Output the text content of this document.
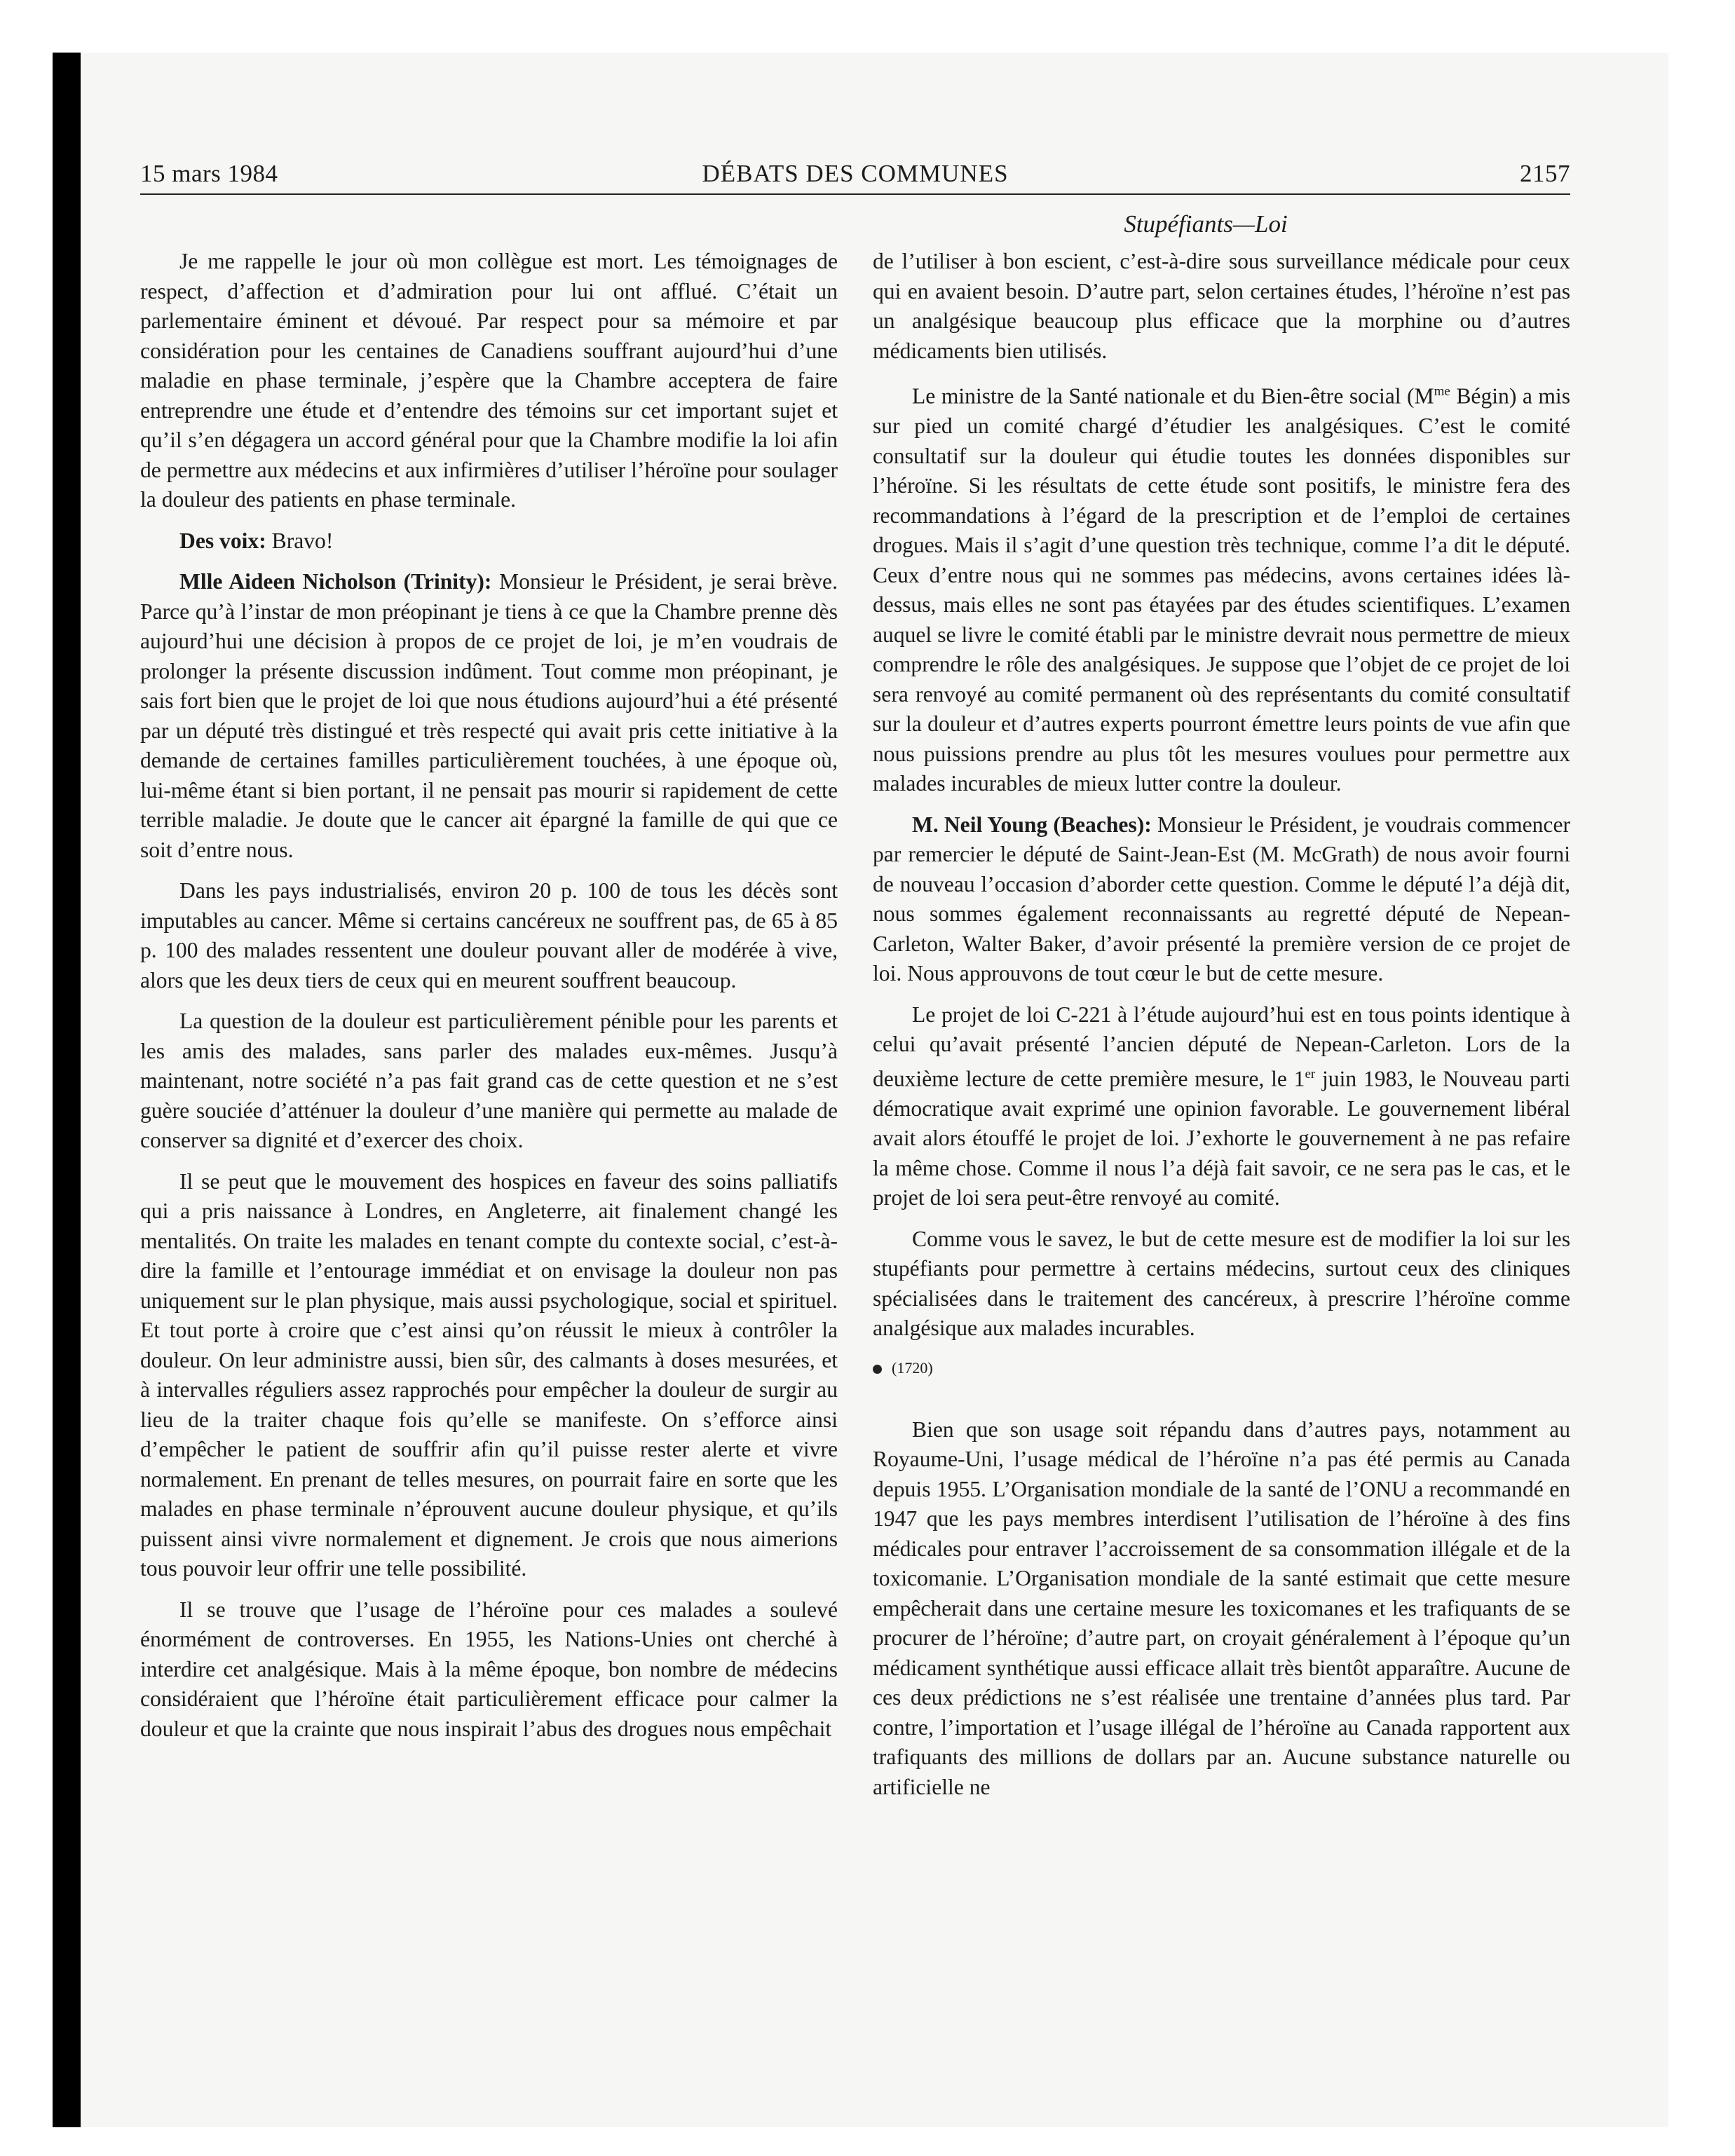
15 mars 1984	DÉBATS DES COMMUNES	2157
Stupéfiants—Loi

Je me rappelle le jour où mon collègue est mort. Les témoignages de respect, d’affection et d’admiration pour lui ont afflué. C’était un parlementaire éminent et dévoué. Par respect pour sa mémoire et par considération pour les centaines de Canadiens souffrant aujourd’hui d’une maladie en phase terminale, j’espère que la Chambre acceptera de faire entreprendre une étude et d’entendre des témoins sur cet important sujet et qu’il s’en dégagera un accord général pour que la Chambre modifie la loi afin de permettre aux médecins et aux infirmières d’utiliser l’héroïne pour soulager la douleur des patients en phase terminale.

Des voix: Bravo!

Mlle Aideen Nicholson (Trinity): Monsieur le Président, je serai brève. Parce qu’à l’instar de mon préopinant je tiens à ce que la Chambre prenne dès aujourd’hui une décision à propos de ce projet de loi, je m’en voudrais de prolonger la présente discussion indûment. Tout comme mon préopinant, je sais fort bien que le projet de loi que nous étudions aujourd’hui a été présenté par un député très distingué et très respecté qui avait pris cette initiative à la demande de certaines familles particulièrement touchées, à une époque où, lui-même étant si bien portant, il ne pensait pas mourir si rapidement de cette terrible maladie. Je doute que le cancer ait épargné la famille de qui que ce soit d’entre nous.

Dans les pays industrialisés, environ 20 p. 100 de tous les décès sont imputables au cancer. Même si certains cancéreux ne souffrent pas, de 65 à 85 p. 100 des malades ressentent une douleur pouvant aller de modérée à vive, alors que les deux tiers de ceux qui en meurent souffrent beaucoup.

La question de la douleur est particulièrement pénible pour les parents et les amis des malades, sans parler des malades eux-mêmes. Jusqu’à maintenant, notre société n’a pas fait grand cas de cette question et ne s’est guère souciée d’atténuer la douleur d’une manière qui permette au malade de conserver sa dignité et d’exercer des choix.

Il se peut que le mouvement des hospices en faveur des soins palliatifs qui a pris naissance à Londres, en Angleterre, ait finalement changé les mentalités. On traite les malades en tenant compte du contexte social, c’est-à-dire la famille et l’entourage immédiat et on envisage la douleur non pas uniquement sur le plan physique, mais aussi psychologique, social et spirituel. Et tout porte à croire que c’est ainsi qu’on réussit le mieux à contrôler la douleur. On leur administre aussi, bien sûr, des calmants à doses mesurées, et à intervalles réguliers assez rapprochés pour empêcher la douleur de surgir au lieu de la traiter chaque fois qu’elle se manifeste. On s’efforce ainsi d’empêcher le patient de souffrir afin qu’il puisse rester alerte et vivre normalement. En prenant de telles mesures, on pourrait faire en sorte que les malades en phase terminale n’éprouvent aucune douleur physique, et qu’ils puissent ainsi vivre normalement et dignement. Je crois que nous aimerions tous pouvoir leur offrir une telle possibilité.

Il se trouve que l’usage de l’héroïne pour ces malades a soulevé énormément de controverses. En 1955, les Nations-Unies ont cherché à interdire cet analgésique. Mais à la même époque, bon nombre de médecins considéraient que l’héroïne était particulièrement efficace pour calmer la douleur et que la crainte que nous inspirait l’abus des drogues nous empêchait

de l’utiliser à bon escient, c’est-à-dire sous surveillance médicale pour ceux qui en avaient besoin. D’autre part, selon certaines études, l’héroïne n’est pas un analgésique beaucoup plus efficace que la morphine ou d’autres médicaments bien utilisés.

Le ministre de la Santé nationale et du Bien-être social ($M^{me}$ Bégin) a mis sur pied un comité chargé d’étudier les analgésiques. C’est le comité consultatif sur la douleur qui étudie toutes les données disponibles sur l’héroïne. Si les résultats de cette étude sont positifs, le ministre fera des recommandations à l’égard de la prescription et de l’emploi de certaines drogues. Mais il s’agit d’une question très technique, comme l’a dit le député. Ceux d’entre nous qui ne sommes pas médecins, avons certaines idées là-dessus, mais elles ne sont pas étayées par des études scientifiques. L’examen auquel se livre le comité établi par le ministre devrait nous permettre de mieux comprendre le rôle des analgésiques. Je suppose que l’objet de ce projet de loi sera renvoyé au comité permanent où des représentants du comité consultatif sur la douleur et d’autres experts pourront émettre leurs points de vue afin que nous puissions prendre au plus tôt les mesures voulues pour permettre aux malades incurables de mieux lutter contre la douleur.

M. Neil Young (Beaches): Monsieur le Président, je voudrais commencer par remercier le député de Saint-Jean-Est (M. McGrath) de nous avoir fourni de nouveau l’occasion d’aborder cette question. Comme le député l’a déjà dit, nous sommes également reconnaissants au regretté député de Nepean-Carleton, Walter Baker, d’avoir présenté la première version de ce projet de loi. Nous approuvons de tout cœur le but de cette mesure.

Le projet de loi C-221 à l’étude aujourd’hui est en tous points identique à celui qu’avait présenté l’ancien député de Nepean-Carleton. Lors de la deuxième lecture de cette première mesure, le 1er juin 1983, le Nouveau parti démocratique avait exprimé une opinion favorable. Le gouvernement libéral avait alors étouffé le projet de loi. J’exhorte le gouvernement à ne pas refaire la même chose. Comme il nous l’a déjà fait savoir, ce ne sera pas le cas, et le projet de loi sera peut-être renvoyé au comité.

Comme vous le savez, le but de cette mesure est de modifier la loi sur les stupéfiants pour permettre à certains médecins, surtout ceux des cliniques spécialisées dans le traitement des cancéreux, à prescrire l’héroïne comme analgésique aux malades incurables.

(1720)

Bien que son usage soit répandu dans d’autres pays, notamment au Royaume-Uni, l’usage médical de l’héroïne n’a pas été permis au Canada depuis 1955. L’Organisation mondiale de la santé de l’ONU a recommandé en 1947 que les pays membres interdisent l’utilisation de l’héroïne à des fins médicales pour entraver l’accroissement de sa consommation illégale et de la toxicomanie. L’Organisation mondiale de la santé estimait que cette mesure empêcherait dans une certaine mesure les toxicomanes et les trafiquants de se procurer de l’héroïne; d’autre part, on croyait généralement à l’époque qu’un médicament synthétique aussi efficace allait très bientôt apparaître. Aucune de ces deux prédictions ne s’est réalisée une trentaine d’années plus tard. Par contre, l’importation et l’usage illégal de l’héroïne au Canada rapportent aux trafiquants des millions de dollars par an. Aucune substance naturelle ou artificielle ne
